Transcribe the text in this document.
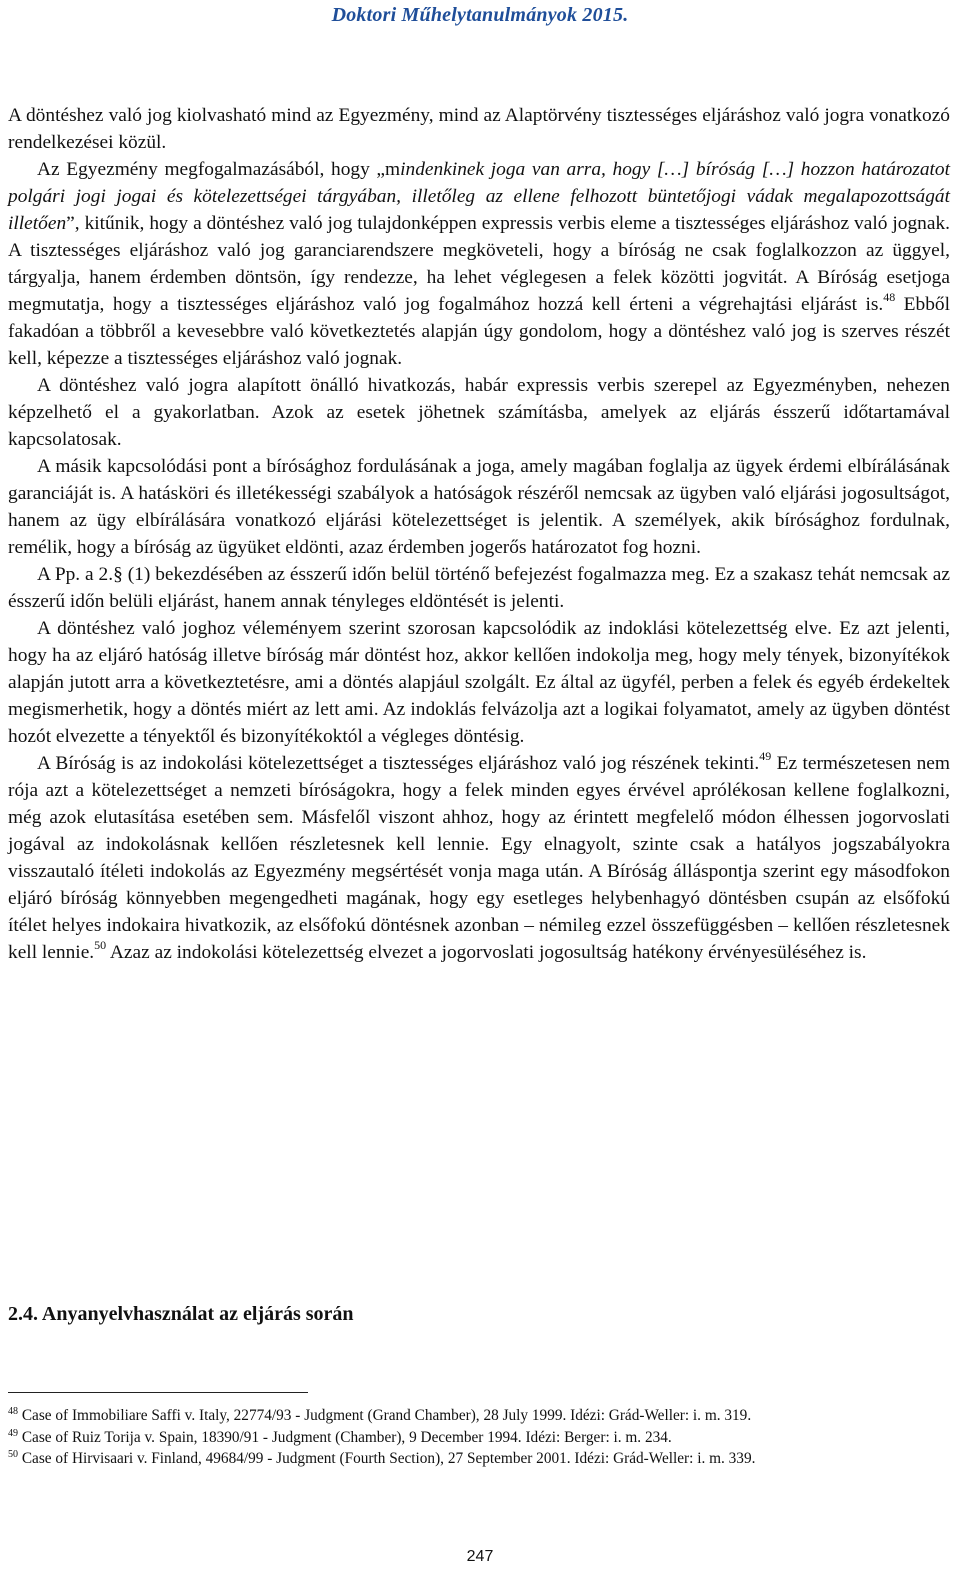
Doktori Műhelytanulmányok 2015.

A döntéshez való jog kiolvasható mind az Egyezmény, mind az Alaptörvény tisztességes eljáráshoz való jogra vonatkozó rendelkezései közül.

Az Egyezmény megfogalmazásából, hogy „mindenkinek joga van arra, hogy […] bíróság […] hozzon határozatot polgári jogi jogai és kötelezettségei tárgyában, illetőleg az ellene felhozott büntetőjogi vádak megalapozottságát illetően”, kitűnik, hogy a döntéshez való jog tulajdonképpen expressis verbis eleme a tisztességes eljáráshoz való jognak. A tisztességes eljáráshoz való jog garanciarendszere megköveteli, hogy a bíróság ne csak foglalkozzon az üggyel, tárgyalja, hanem érdemben döntsön, így rendezze, ha lehet véglegesen a felek közötti jogvitát. A Bíróság esetjoga megmutatja, hogy a tisztességes eljáráshoz való jog fogalmához hozzá kell érteni a végrehajtási eljárást is.$^{48}$ Ebből fakadóan a többről a kevesebbre való következtetés alapján úgy gondolom, hogy a döntéshez való jog is szerves részét kell, képezze a tisztességes eljáráshoz való jognak.

A döntéshez való jogra alapított önálló hivatkozás, habár expressis verbis szerepel az Egyezményben, nehezen képzelhető el a gyakorlatban. Azok az esetek jöhetnek számításba, amelyek az eljárás ésszerű időtartamával kapcsolatosak.

A másik kapcsolódási pont a bírósághoz fordulásának a joga, amely magában foglalja az ügyek érdemi elbírálásának garanciáját is. A hatásköri és illetékességi szabályok a hatóságok részéről nemcsak az ügyben való eljárási jogosultságot, hanem az ügy elbírálására vonatkozó eljárási kötelezettséget is jelentik. A személyek, akik bírósághoz fordulnak, remélik, hogy a bíróság az ügyüket eldönti, azaz érdemben jogerős határozatot fog hozni.

A Pp. a 2.§ (1) bekezdésében az ésszerű időn belül történő befejezést fogalmazza meg. Ez a szakasz tehát nemcsak az ésszerű időn belüli eljárást, hanem annak tényleges eldöntését is jelenti.

A döntéshez való joghoz véleményem szerint szorosan kapcsolódik az indoklási kötelezettség elve. Ez azt jelenti, hogy ha az eljáró hatóság illetve bíróság már döntést hoz, akkor kellően indokolja meg, hogy mely tények, bizonyítékok alapján jutott arra a következtetésre, ami a döntés alapjául szolgált. Ez által az ügyfél, perben a felek és egyéb érdekeltek megismerhetik, hogy a döntés miért az lett ami. Az indoklás felvázolja azt a logikai folyamatot, amely az ügyben döntést hozót elvezette a tényektől és bizonyítékoktól a végleges döntésig.

A Bíróság is az indokolási kötelezettséget a tisztességes eljáráshoz való jog részének tekinti.$^{49}$ Ez természetesen nem rója azt a kötelezettséget a nemzeti bíróságokra, hogy a felek minden egyes érvével aprólékosan kellene foglalkozni, még azok elutasítása esetében sem. Másfelől viszont ahhoz, hogy az érintett megfelelő módon élhessen jogorvoslati jogával az indokolásnak kellően részletesnek kell lennie. Egy elnagyolt, szinte csak a hatályos jogszabályokra visszautaló ítéleti indokolás az Egyezmény megsértését vonja maga után. A Bíróság álláspontja szerint egy másodfokon eljáró bíróság könnyebben megengedheti magának, hogy egy esetleges helybenhagyó döntésben csupán az elsőfokú ítélet helyes indokaira hivatkozik, az elsőfokú döntésnek azonban – némileg ezzel összefüggésben – kellően részletesnek kell lennie.$^{50}$ Azaz az indokolási kötelezettség elvezet a jogorvoslati jogosultság hatékony érvényesüléséhez is.

2.4. Anyanyelvhasználat az eljárás során

$^{48}$ Case of Immobiliare Saffi v. Italy, 22774/93 - Judgment (Grand Chamber), 28 July 1999. Idézi: Grád-Weller: i. m. 319.

$^{49}$ Case of Ruiz Torija v. Spain, 18390/91 - Judgment (Chamber), 9 December 1994. Idézi: Berger: i. m. 234.

$^{50}$ Case of Hirvisaari v. Finland, 49684/99 - Judgment (Fourth Section), 27 September 2001. Idézi: Grád-Weller: i. m. 339.

247
